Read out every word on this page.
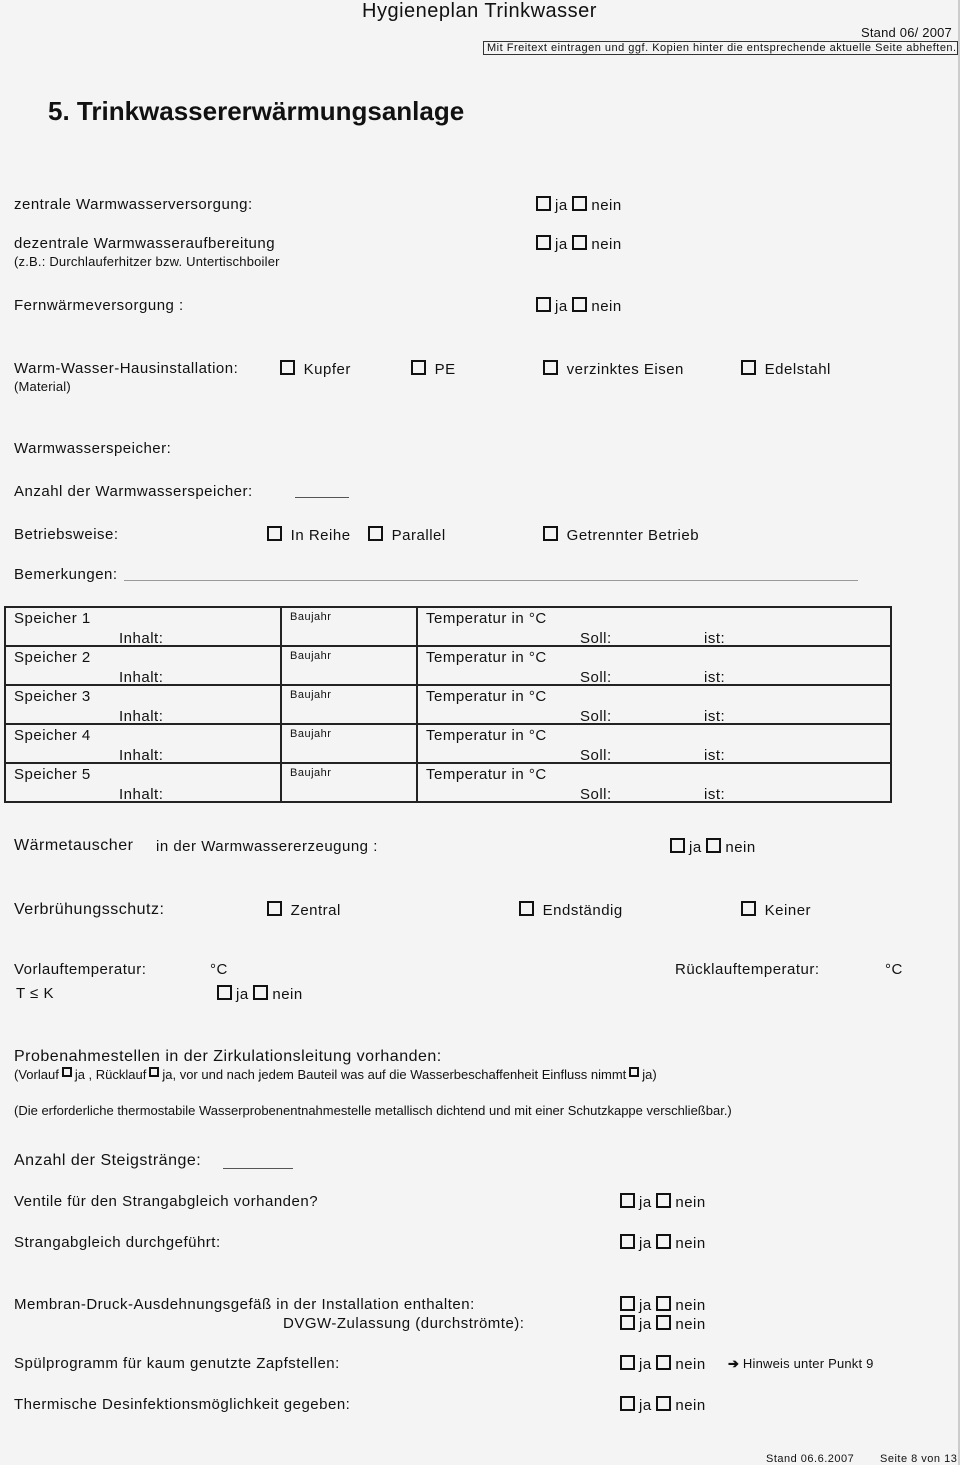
Hygieneplan Trinkwasser
Stand 06/ 2007
Mit Freitext eintragen und ggf. Kopien hinter die entsprechende aktuelle Seite abheften.
5. Trinkwassererwärmungsanlage
zentrale Warmwasserversorgung:	ja nein
dezentrale Warmwasseraufbereitung
(z.B.: Durchlauferhitzer bzw. Untertischboiler
ja nein
Fernwärmeversorgung :	ja nein
Warm-Wasser-Hausinstallation:
(Material)
Kupfer	PE	verzinktes Eisen	Edelstahl
Warmwasserspeicher:
Anzahl der Warmwasserspeicher:
Betriebsweise:	In Reihe	Parallel	Getrennter Betrieb
Bemerkungen:
Speicher 1
Inhalt:	Baujahr	Temperatur in °C
Soll: ist:

Speicher 2
Inhalt:	Baujahr	Temperatur in °C
Soll: ist:

Speicher 3
Inhalt:	Baujahr	Temperatur in °C
Soll: ist:

Speicher 4
Inhalt:	Baujahr	Temperatur in °C
Soll: ist:

Speicher 5
Inhalt:	Baujahr	Temperatur in °C
Soll: ist:
Wärmetauscher in der Warmwassererzeugung :	ja nein
Verbrühungsschutz:	Zentral	Endständig	Keiner
Vorlauftemperatur:	°C	Rücklauftemperatur:	°C
T ≤ K	ja nein
Probenahmestellen in der Zirkulationsleitung vorhanden:
(Vorlauf ja , Rücklauf ja, vor und nach jedem Bauteil was auf die Wasserbeschaffenheit Einfluss nimmt ja)
(Die erforderliche thermostabile Wasserprobenentnahmestelle metallisch dichtend und mit einer Schutzkappe verschließbar.)
Anzahl der Steigstränge:
Ventile für den Strangabgleich vorhanden?	ja nein
Strangabgleich durchgeführt:	ja nein
Membran-Druck-Ausdehnungsgefäß in der Installation enthalten:	ja nein
DVGW-Zulassung (durchströmte):	ja nein
Spülprogramm für kaum genutzte Zapfstellen:	ja nein ➔ Hinweis unter Punkt 9
Thermische Desinfektionsmöglichkeit gegeben:	ja nein
Stand 06.6.2007 Seite 8 von 13
